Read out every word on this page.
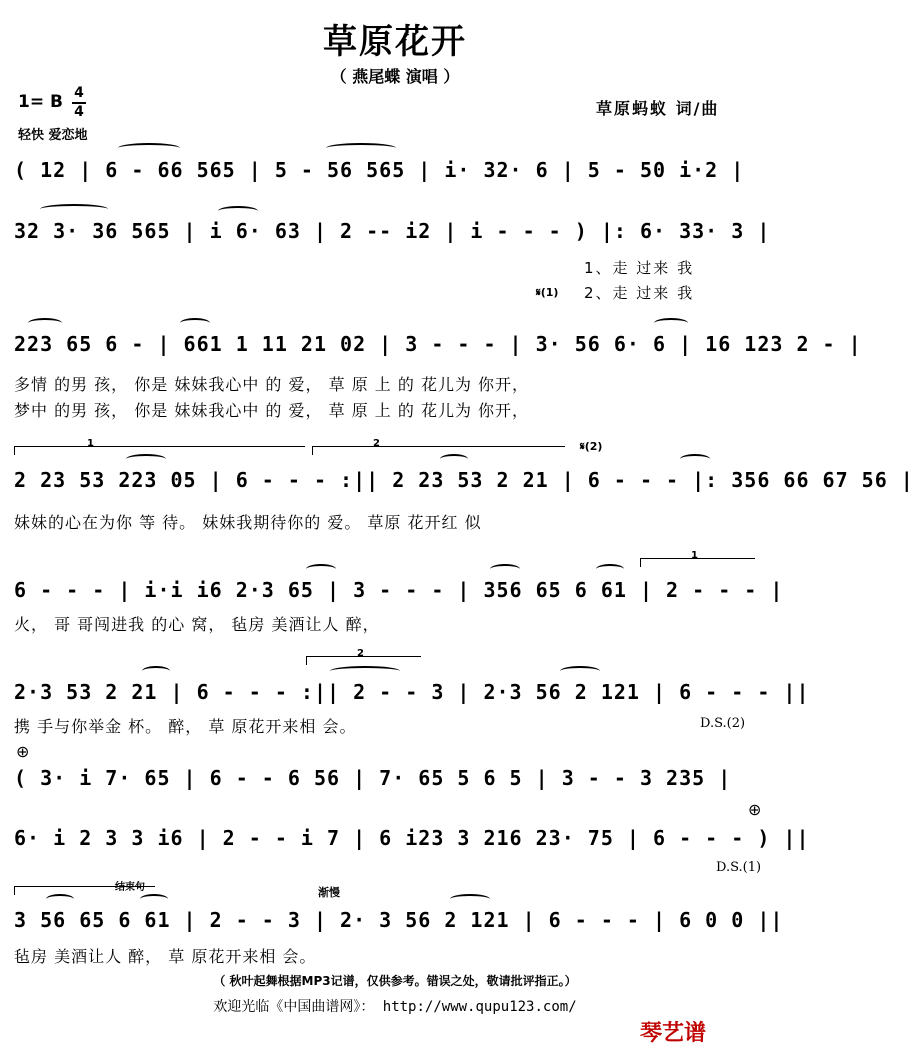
草原花开
（ 燕尾蝶 演唱 ）
1= B 4
4
轻快 爱恋地
草原蚂蚁 词/曲
( 12 | 6 - 66 565 | 5 - 56 565 | i· 32· 6 | 5 - 50 i·2 |
32 3· 36 565 | i 6· 63 | 2 -- i2 | i - - - ) |: 6· 33· 3 |
1、走 过来 我
𝄋(1) 2、走 过来 我
223 65 6 - | 661 1 11 21 02 | 3 - - - | 3· 56 6· 6 | 16 123 2 - |
多情 的男 孩， 你是 妹妹我心中 的 爱， 草 原 上 的 花儿为 你开，
梦中 的男 孩， 你是 妹妹我心中 的 爱， 草 原 上 的 花儿为 你开，
1	2	𝄋(2)
2 23 53 223 05 | 6 - - - :|| 2 23 53 2 21 | 6 - - - |: 356 66 67 56 |
妹妹的心在为你 等 待。 妹妹我期待你的 爱。 草原 花开红 似
1
6 - - - | i·i i6 2·3 65 | 3 - - - | 356 65 6 61 | 2 - - - |
火， 哥 哥闯进我 的心 窝， 毡房 美酒让人 醉，
2
2·3 53 2 21 | 6 - - - :|| 2 - - 3 | 2·3 56 2 121 | 6 - - - ||
携 手与你举金 杯。 醉， 草 原花开来相 会。	D.S.(2)
⊕
( 3· i 7· 65 | 6 - - 6 56 | 7· 65 5 6 5 | 3 - - 3 235 |
6· i 2 3 3 i6 | 2 - - i 7 | 6 i23 3 216 23· 75 | 6 - - - ) ||
⊕
D.S.(1)
结束句	渐慢
3 56 65 6 61 | 2 - - 3 | 2· 3 56 2 121 | 6 - - - | 6 0 0 ||
毡房 美酒让人 醉， 草 原花开来相 会。
（ 秋叶起舞根据MP3记谱，仅供参考。错误之处，敬请批评指正。）
欢迎光临《中国曲谱网》： http://www.qupu123.com/
琴艺谱
